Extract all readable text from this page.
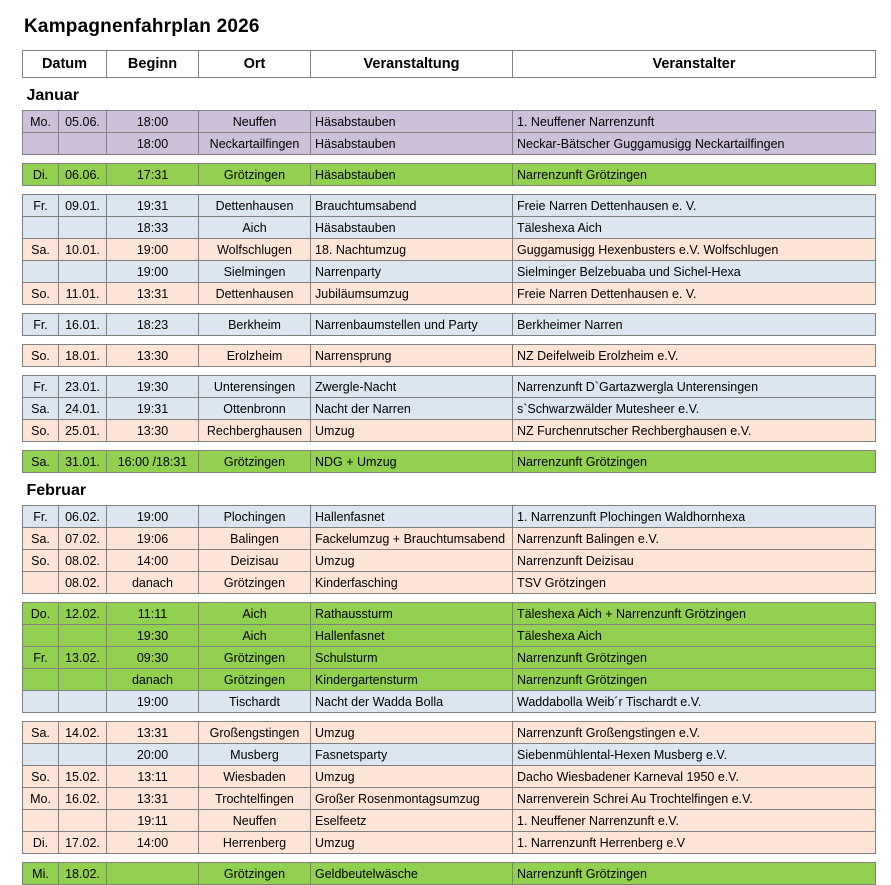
Kampagnenfahrplan 2026
Datum		Beginn	Ort	Veranstaltung	Veranstalter
Januar					
Mo.	05.06.	18:00	Neuffen	Häsabstauben	1. Neuffener Narrenzunft
		18:00	Neckartailfingen	Häsabstauben	Neckar-Bätscher Guggamusigg Neckartailfingen

Di.	06.06.	17:31	Grötzingen	Häsabstauben	Narrenzunft Grötzingen

Fr.	09.01.	19:31	Dettenhausen	Brauchtumsabend	Freie Narren Dettenhausen e. V.
		18:33	Aich	Häsabstauben	Täleshexa Aich
Sa.	10.01.	19:00	Wolfschlugen	18. Nachtumzug	Guggamusigg Hexenbusters e.V. Wolfschlugen
		19:00	Sielmingen	Narrenparty	Sielminger Belzebuaba und Sichel-Hexa
So.	11.01.	13:31	Dettenhausen	Jubiläumsumzug	Freie Narren Dettenhausen e. V.

Fr.	16.01.	18:23	Berkheim	Narrenbaumstellen und Party	Berkheimer Narren

So.	18.01.	13:30	Erolzheim	Narrensprung	NZ Deifelweib Erolzheim e.V.

Fr.	23.01.	19:30	Unterensingen	Zwergle-Nacht	Narrenzunft D`Gartazwergla Unterensingen
Sa.	24.01.	19:31	Ottenbronn	Nacht der Narren	s`Schwarzwälder Mutesheer e.V.
So.	25.01.	13:30	Rechberghausen	Umzug	NZ Furchenrutscher Rechberghausen e.V.

Sa.	31.01.	16:00 /18:31	Grötzingen	NDG + Umzug	Narrenzunft Grötzingen
Februar					
Fr.	06.02.	19:00	Plochingen	Hallenfasnet	1. Narrenzunft Plochingen Waldhornhexa
Sa.	07.02.	19:06	Balingen	Fackelumzug + Brauchtumsabend	Narrenzunft Balingen e.V.
So.	08.02.	14:00	Deizisau	Umzug	Narrenzunft Deizisau
	08.02.	danach	Grötzingen	Kinderfasching	TSV Grötzingen

Do.	12.02.	11:11	Aich	Rathaussturm	Täleshexa Aich + Narrenzunft Grötzingen
		19:30	Aich	Hallenfasnet	Täleshexa Aich
Fr.	13.02.	09:30	Grötzingen	Schulsturm	Narrenzunft Grötzingen
		danach	Grötzingen	Kindergartensturm	Narrenzunft Grötzingen
		19:00	Tischardt	Nacht der Wadda Bolla	Waddabolla Weib´r Tischardt e.V.

Sa.	14.02.	13:31	Großengstingen	Umzug	Narrenzunft Großengstingen e.V.
		20:00	Musberg	Fasnetsparty	Siebenmühlental-Hexen Musberg e.V.
So.	15.02.	13:11	Wiesbaden	Umzug	Dacho Wiesbadener Karneval 1950 e.V.
Mo.	16.02.	13:31	Trochtelfingen	Großer Rosenmontagsumzug	Narrenverein Schrei Au Trochtelfingen e.V.
		19:11	Neuffen	Eselfeetz	1. Neuffener Narrenzunft e.V.
Di.	17.02.	14:00	Herrenberg	Umzug	1. Narrenzunft Herrenberg e.V

Mi.	18.02.		Grötzingen	Geldbeutelwäsche	Narrenzunft Grötzingen
